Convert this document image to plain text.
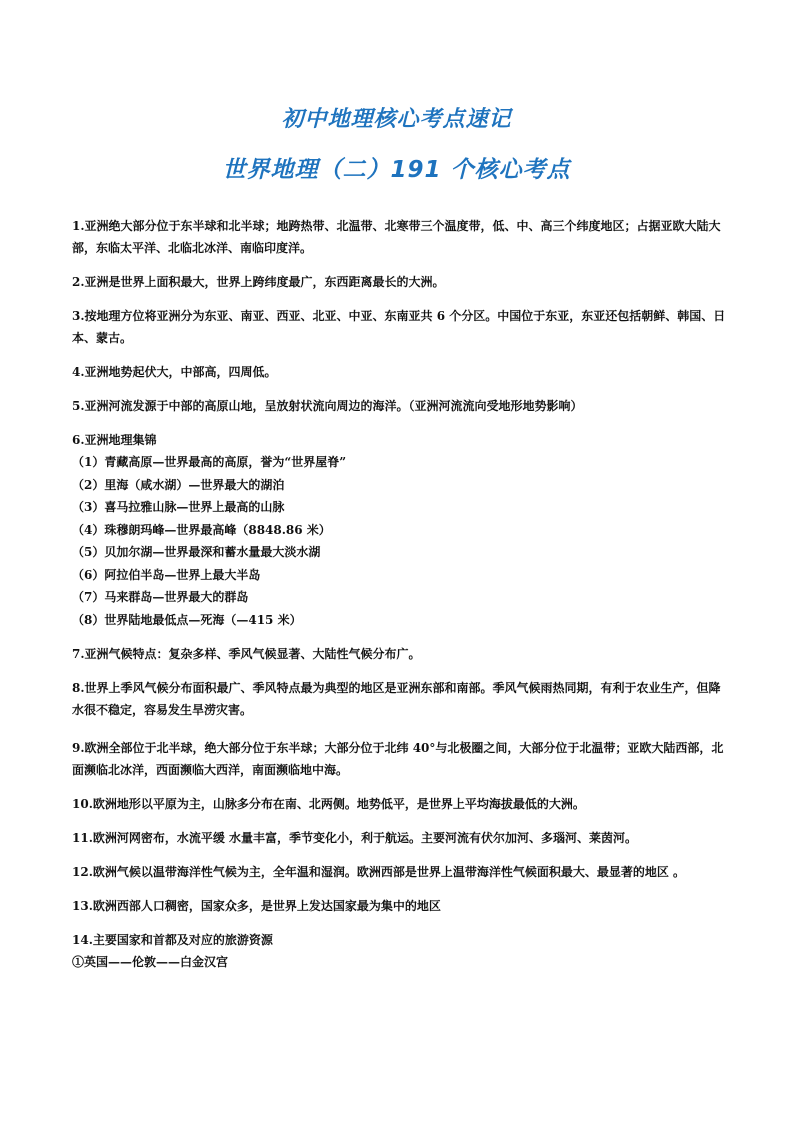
初中地理核心考点速记
世界地理（二）191 个核心考点

1.亚洲绝大部分位于东半球和北半球；地跨热带、北温带、北寒带三个温度带，低、中、高三个纬度地区；占据亚欧大陆大部，东临太平洋、北临北冰洋、南临印度洋。

2.亚洲是世界上面积最大，世界上跨纬度最广，东西距离最长的大洲。

3.按地理方位将亚洲分为东亚、南亚、西亚、北亚、中亚、东南亚共 6 个分区。中国位于东亚，东亚还包括朝鲜、韩国、日本、蒙古。

4.亚洲地势起伏大，中部高，四周低。

5.亚洲河流发源于中部的高原山地，呈放射状流向周边的海洋。（亚洲河流流向受地形地势影响）

6.亚洲地理集锦

（1）青藏高原—世界最高的高原，誉为“世界屋脊”

（2）里海（咸水湖）—世界最大的湖泊

（3）喜马拉雅山脉—世界上最高的山脉

（4）珠穆朗玛峰—世界最高峰（8848.86 米）

（5）贝加尔湖—世界最深和蓄水量最大淡水湖

（6）阿拉伯半岛—世界上最大半岛

（7）马来群岛—世界最大的群岛

（8）世界陆地最低点—死海（—415 米）

7.亚洲气候特点：复杂多样、季风气候显著、大陆性气候分布广。

8.世界上季风气候分布面积最广、季风特点最为典型的地区是亚洲东部和南部。季风气候雨热同期，有利于农业生产，但降水很不稳定，容易发生旱涝灾害。

9.欧洲全部位于北半球，绝大部分位于东半球；大部分位于北纬 40°与北极圈之间，大部分位于北温带；亚欧大陆西部，北面濒临北冰洋，西面濒临大西洋，南面濒临地中海。

10.欧洲地形以平原为主，山脉多分布在南、北两侧。地势低平，是世界上平均海拔最低的大洲。

11.欧洲河网密布，水流平缓 水量丰富，季节变化小，利于航运。主要河流有伏尔加河、多瑙河、莱茵河。

12.欧洲气候以温带海洋性气候为主，全年温和湿润。欧洲西部是世界上温带海洋性气候面积最大、最显著的地区 。

13.欧洲西部人口稠密，国家众多，是世界上发达国家最为集中的地区

14.主要国家和首都及对应的旅游资源

①英国——伦敦——白金汉宫
